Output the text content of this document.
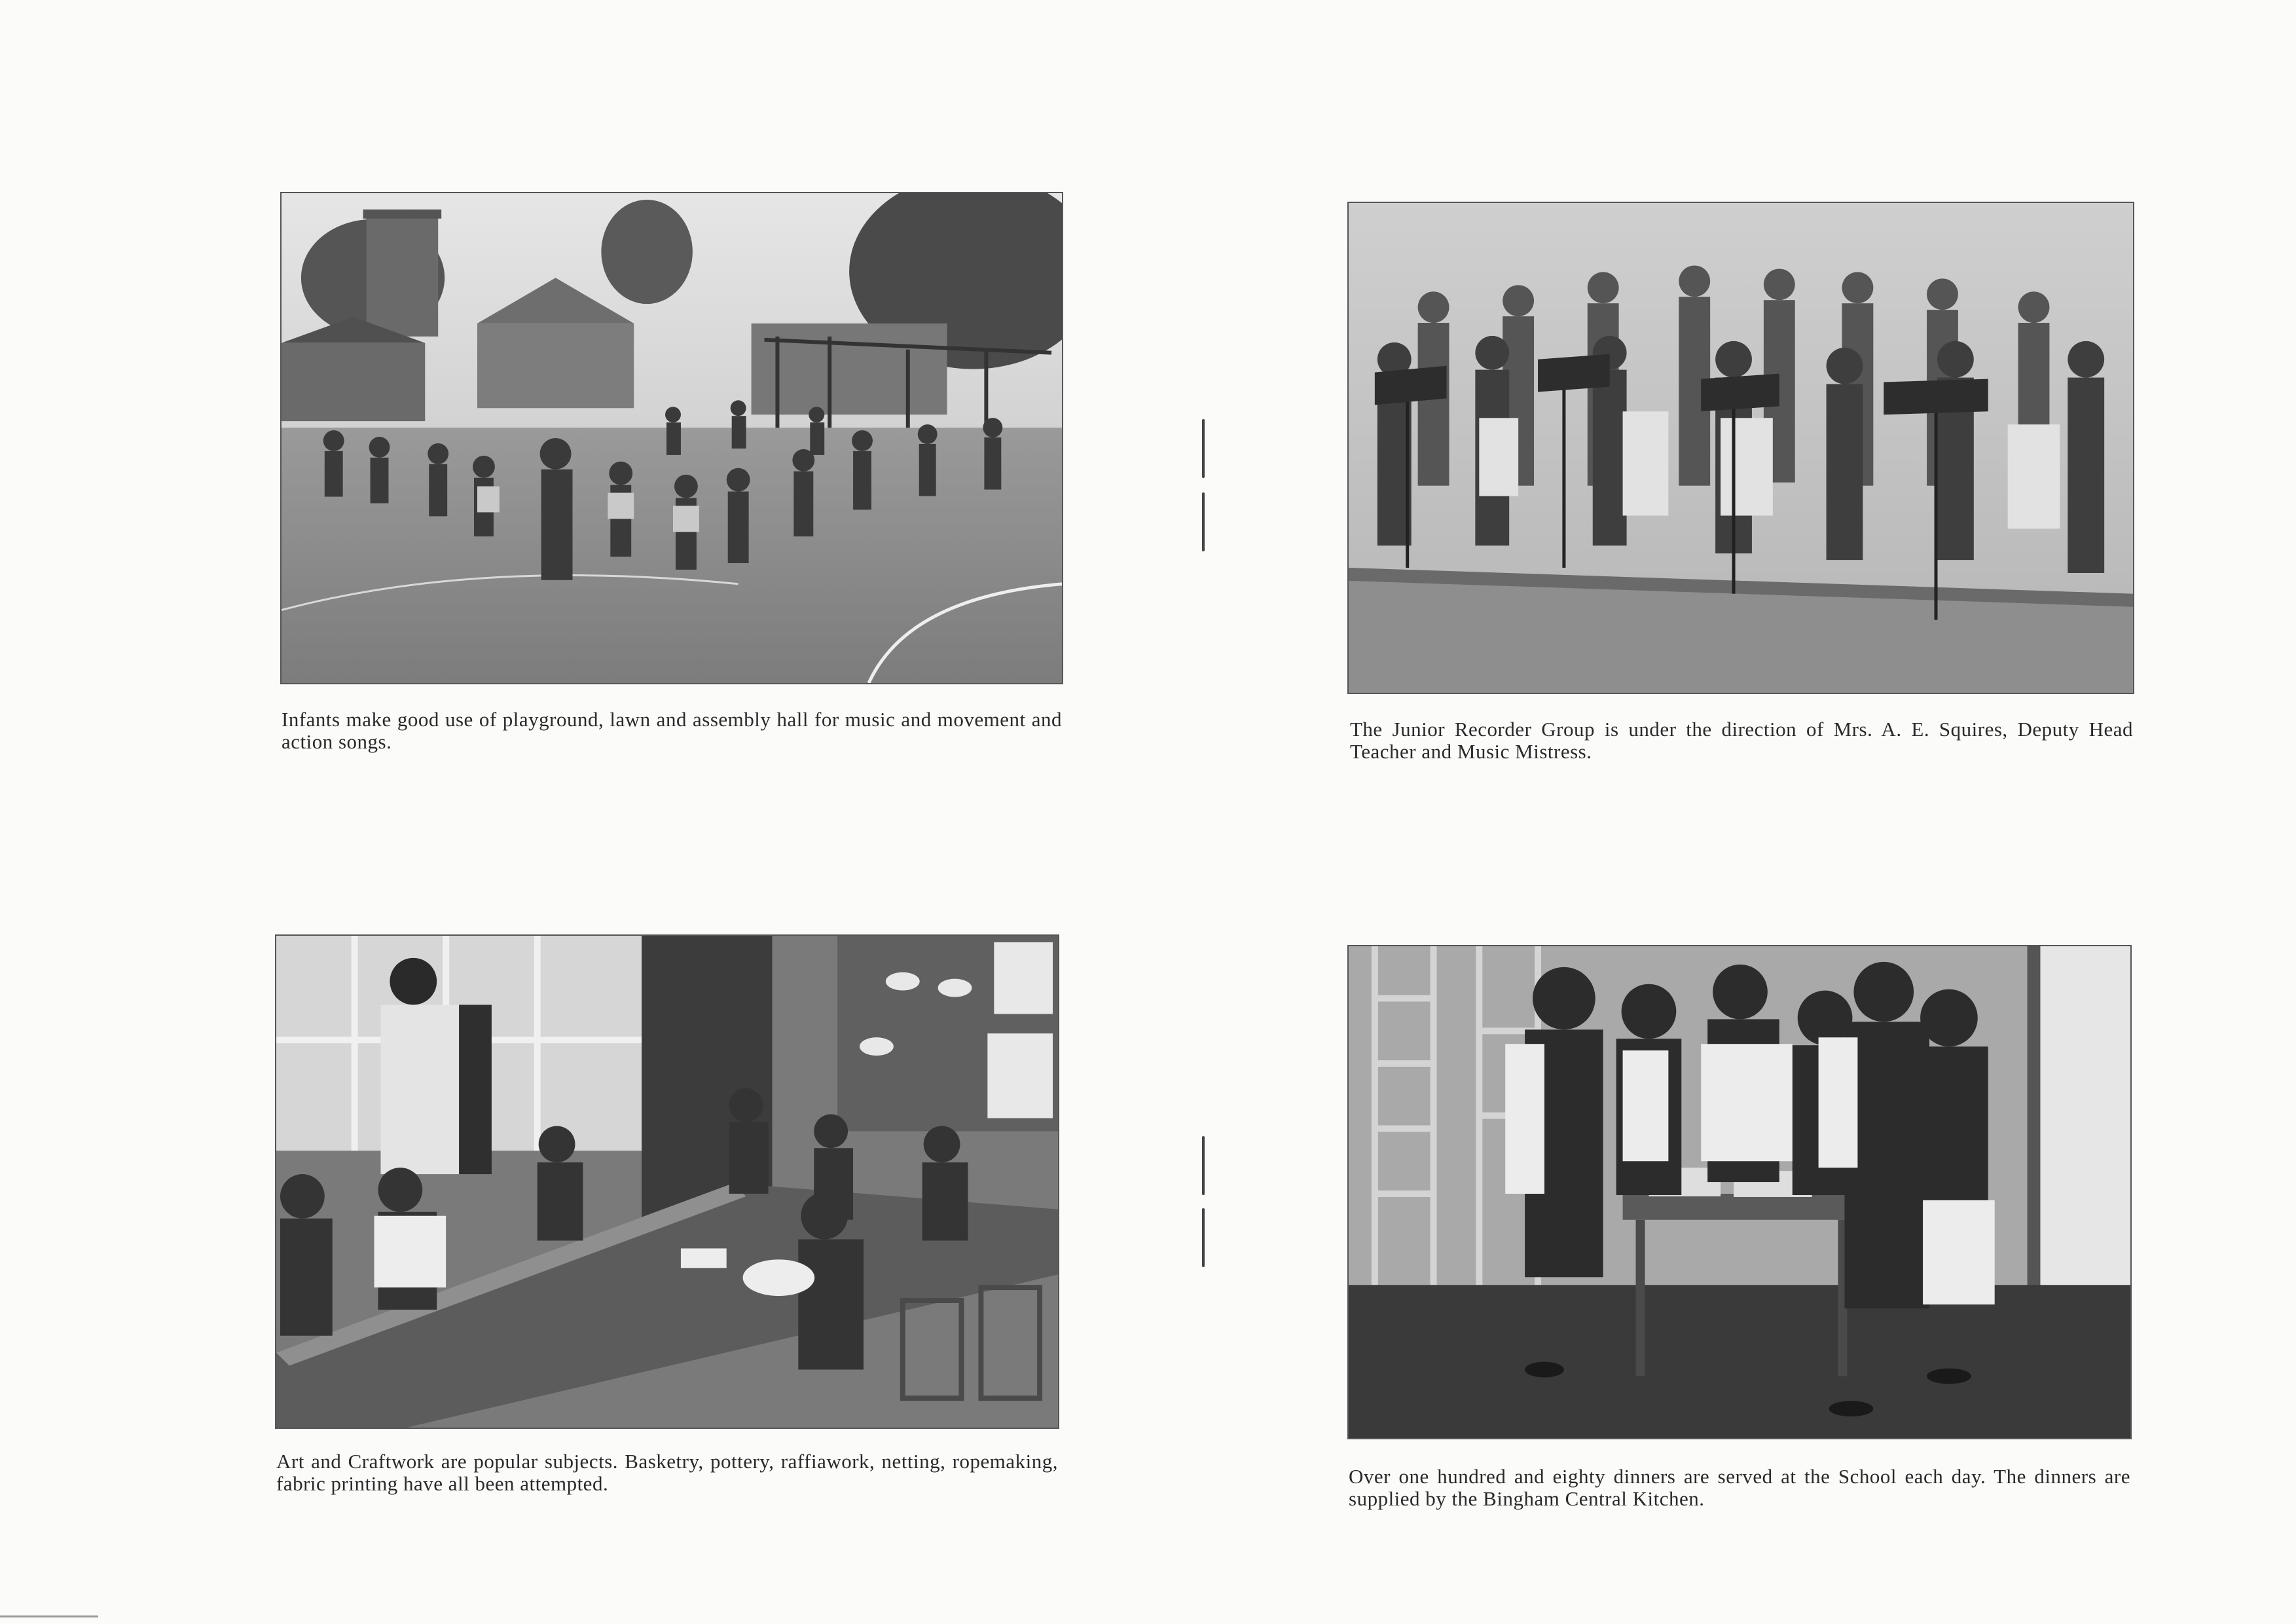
Infants make good use of playground, lawn and assembly hall for music and movement and action songs.
The Junior Recorder Group is under the direction of Mrs. A. E. Squires, Deputy Head Teacher and Music Mistress.
Art and Craftwork are popular subjects. Basketry, pottery, raffiawork, netting, ropemaking, fabric printing have all been attempted.	Over one hundred and eighty dinners are served at the School each day. The dinners are supplied by the Bingham Central Kitchen.
